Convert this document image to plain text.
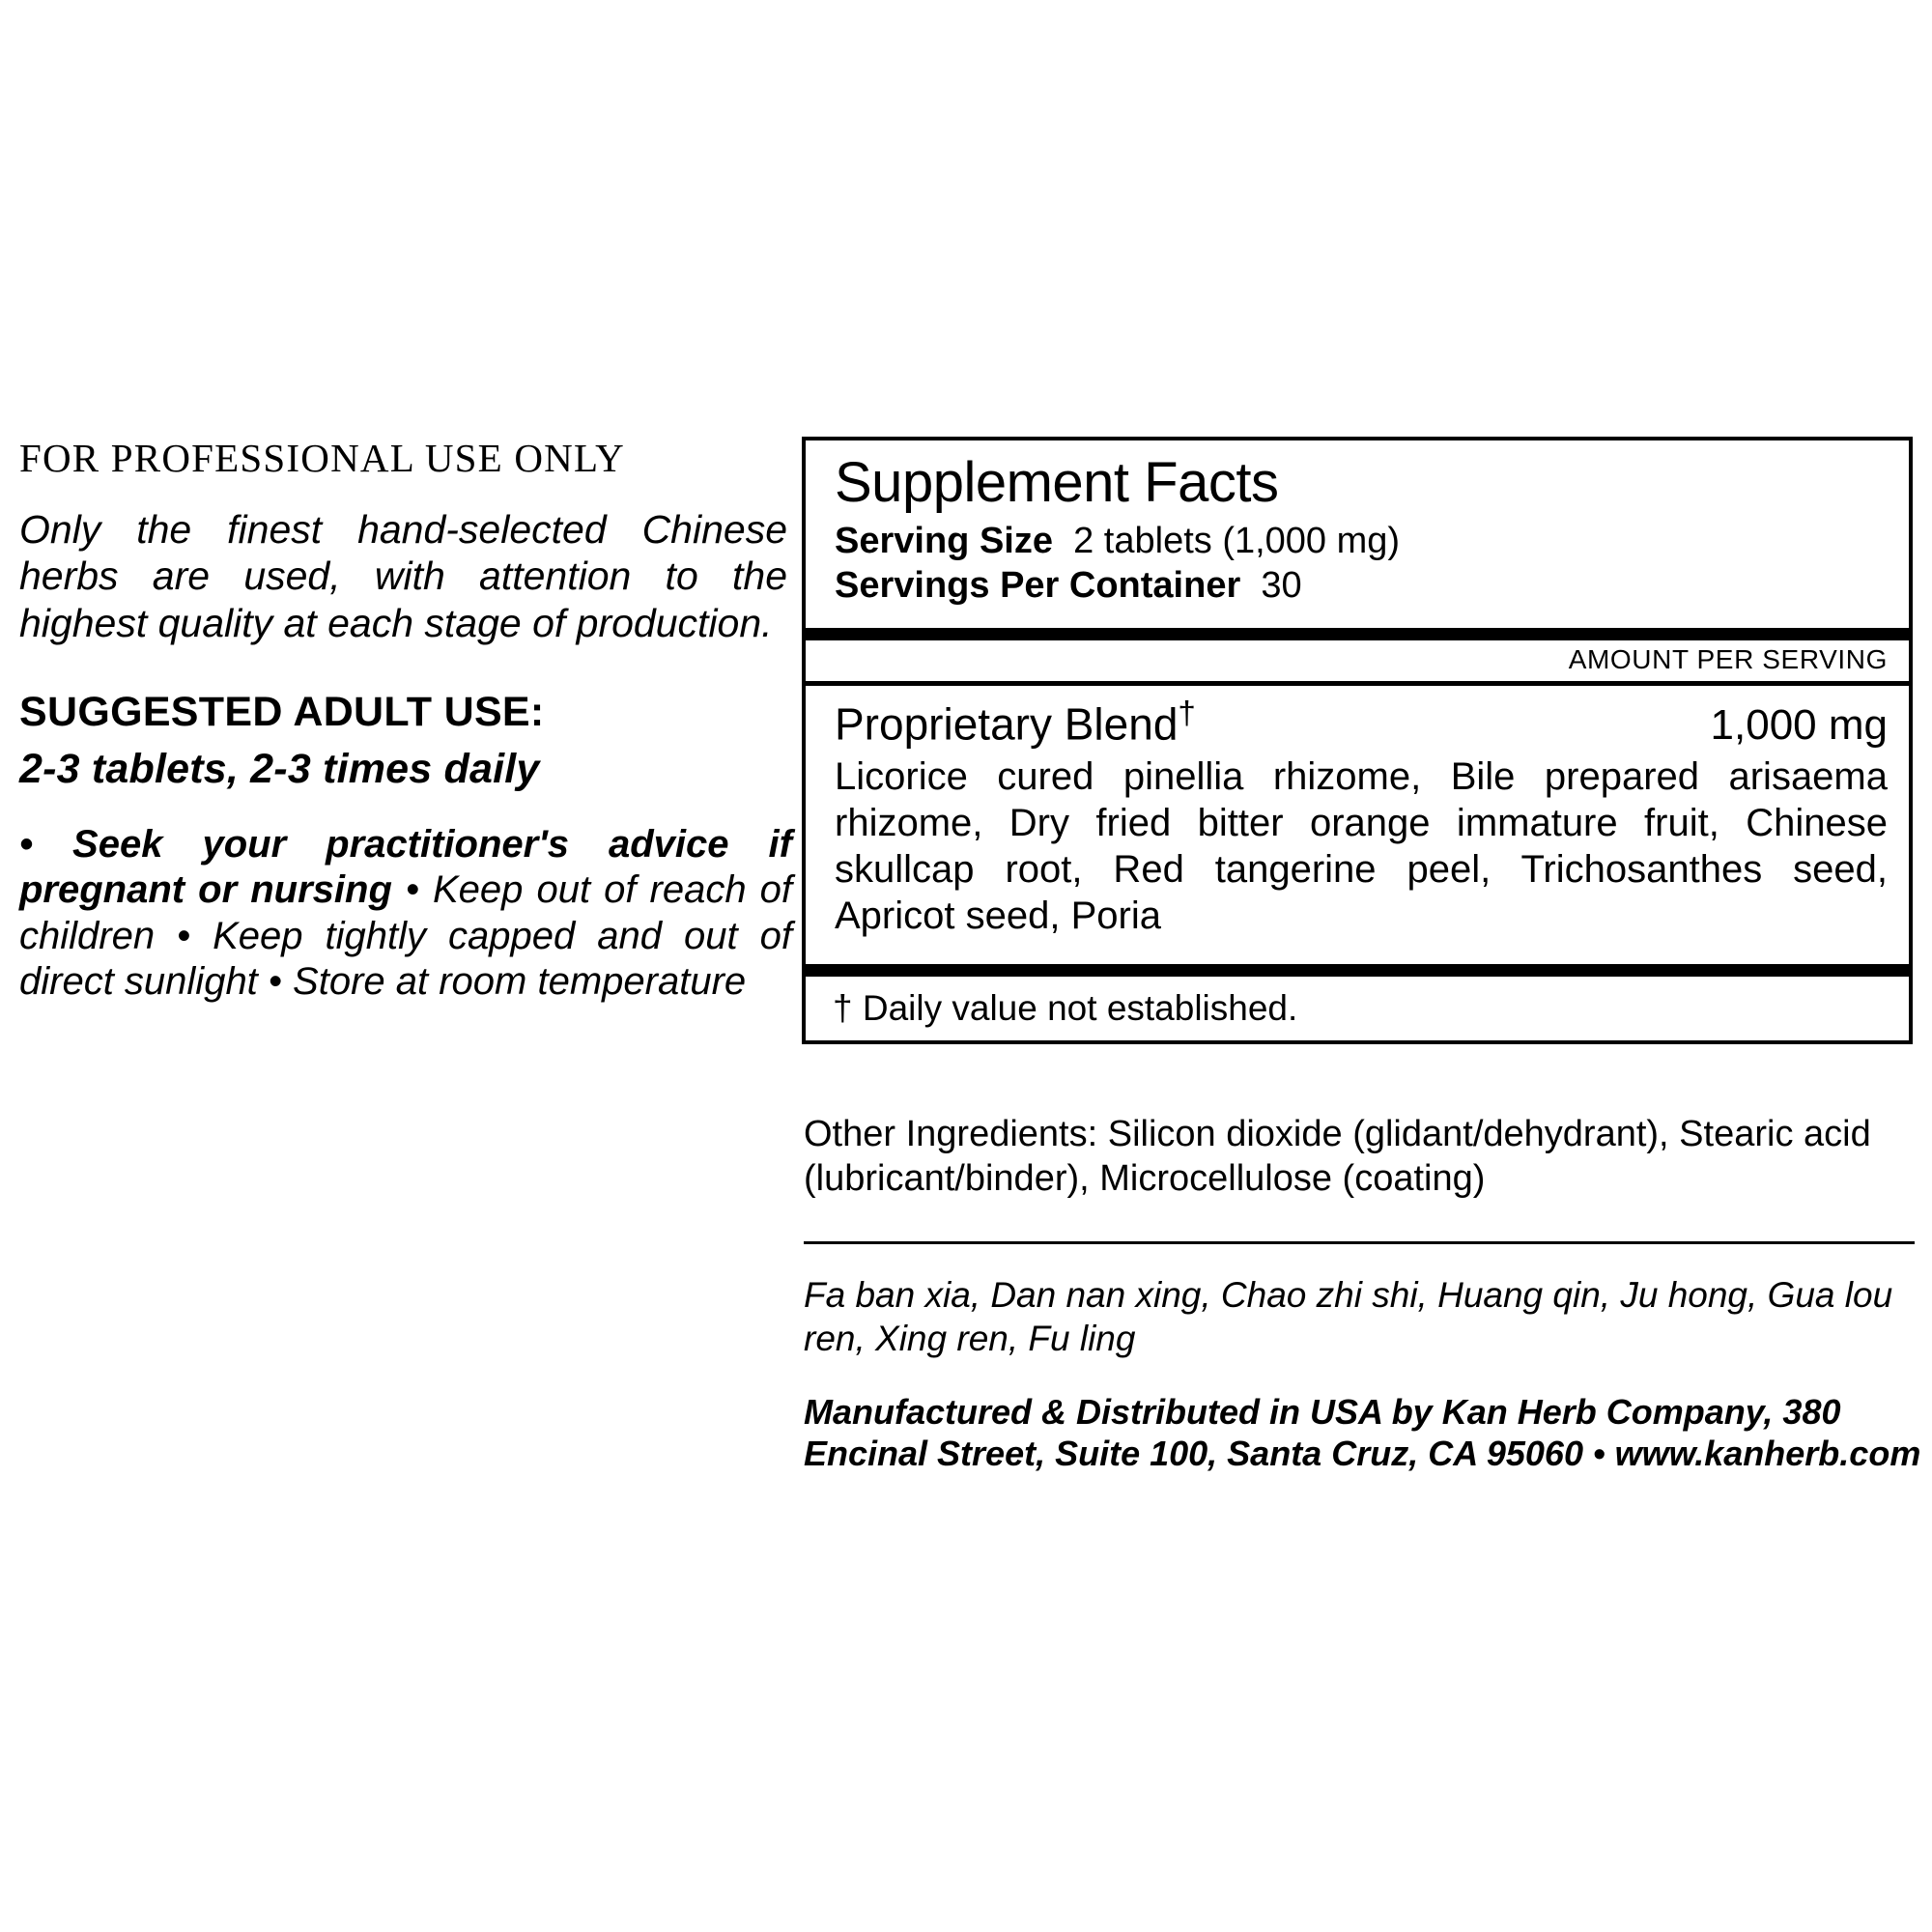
FOR PROFESSIONAL USE ONLY
Only the finest hand-selected Chinese herbs are used, with attention to the highest quality at each stage of production.
SUGGESTED ADULT USE:
2-3 tablets, 2-3 times daily
• Seek your practitioner's advice if pregnant or nursing • Keep out of reach of children • Keep tightly capped and out of direct sunlight • Store at room temperature
Supplement Facts
Serving Size 2 tablets (1,000 mg)
Servings Per Container 30
AMOUNT PER SERVING
Proprietary Blend†	1,000 mg
Licorice cured pinellia rhizome, Bile prepared arisaema rhizome, Dry fried bitter orange immature fruit, Chinese skullcap root, Red tangerine peel, Trichosanthes seed, Apricot seed, Poria
† Daily value not established.
Other Ingredients: Silicon dioxide (glidant/dehydrant), Stearic acid (lubricant/binder), Microcellulose (coating)
Fa ban xia, Dan nan xing, Chao zhi shi, Huang qin, Ju hong, Gua lou ren, Xing ren, Fu ling
Manufactured & Distributed in USA by Kan Herb Company, 380 Encinal Street, Suite 100, Santa Cruz, CA 95060 • www.kanherb.com
